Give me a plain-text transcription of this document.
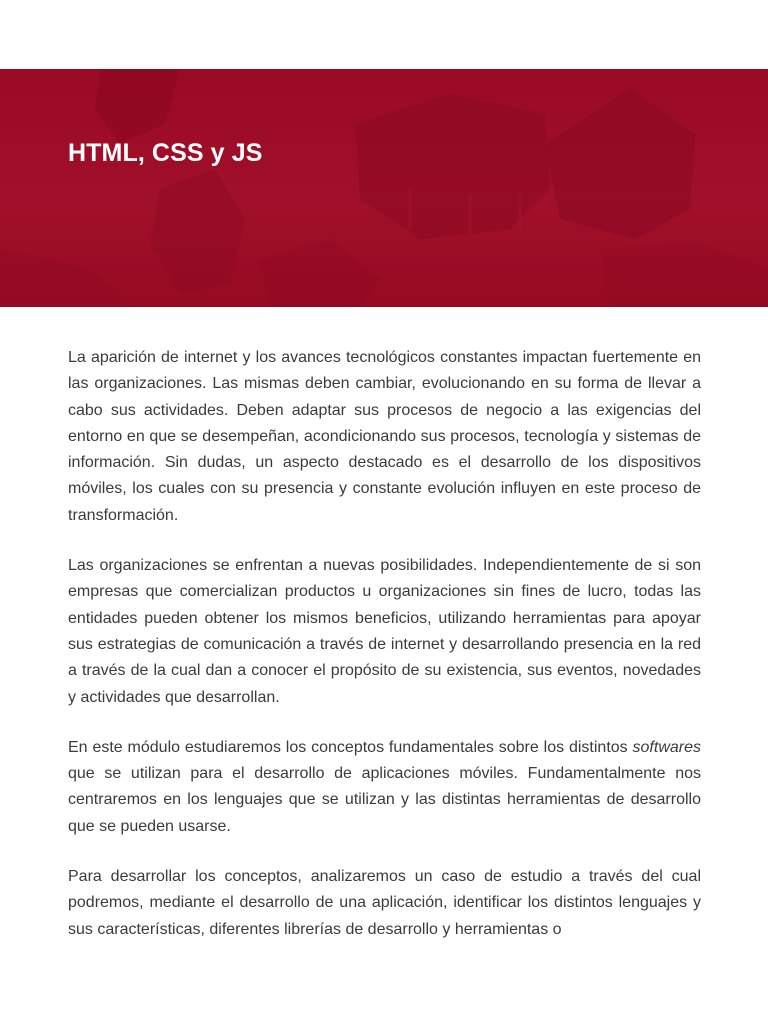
HTML, CSS y JS

La aparición de internet y los avances tecnológicos constantes impactan fuertemente en las organizaciones. Las mismas deben cambiar, evolucionando en su forma de llevar a cabo sus actividades. Deben adaptar sus procesos de negocio a las exigencias del entorno en que se desempeñan, acondicionando sus procesos, tecnología y sistemas de información. Sin dudas, un aspecto destacado es el desarrollo de los dispositivos móviles, los cuales con su presencia y constante evolución influyen en este proceso de transformación.

Las organizaciones se enfrentan a nuevas posibilidades. Independientemente de si son empresas que comercializan productos u organizaciones sin fines de lucro, todas las entidades pueden obtener los mismos beneficios, utilizando herramientas para apoyar sus estrategias de comunicación a través de internet y desarrollando presencia en la red a través de la cual dan a conocer el propósito de su existencia, sus eventos, novedades y actividades que desarrollan.

En este módulo estudiaremos los conceptos fundamentales sobre los distintos softwares que se utilizan para el desarrollo de aplicaciones móviles. Fundamentalmente nos centraremos en los lenguajes que se utilizan y las distintas herramientas de desarrollo que se pueden usarse.

Para desarrollar los conceptos, analizaremos un caso de estudio a través del cual podremos, mediante el desarrollo de una aplicación, identificar los distintos lenguajes y sus características, diferentes librerías de desarrollo y herramientas o
